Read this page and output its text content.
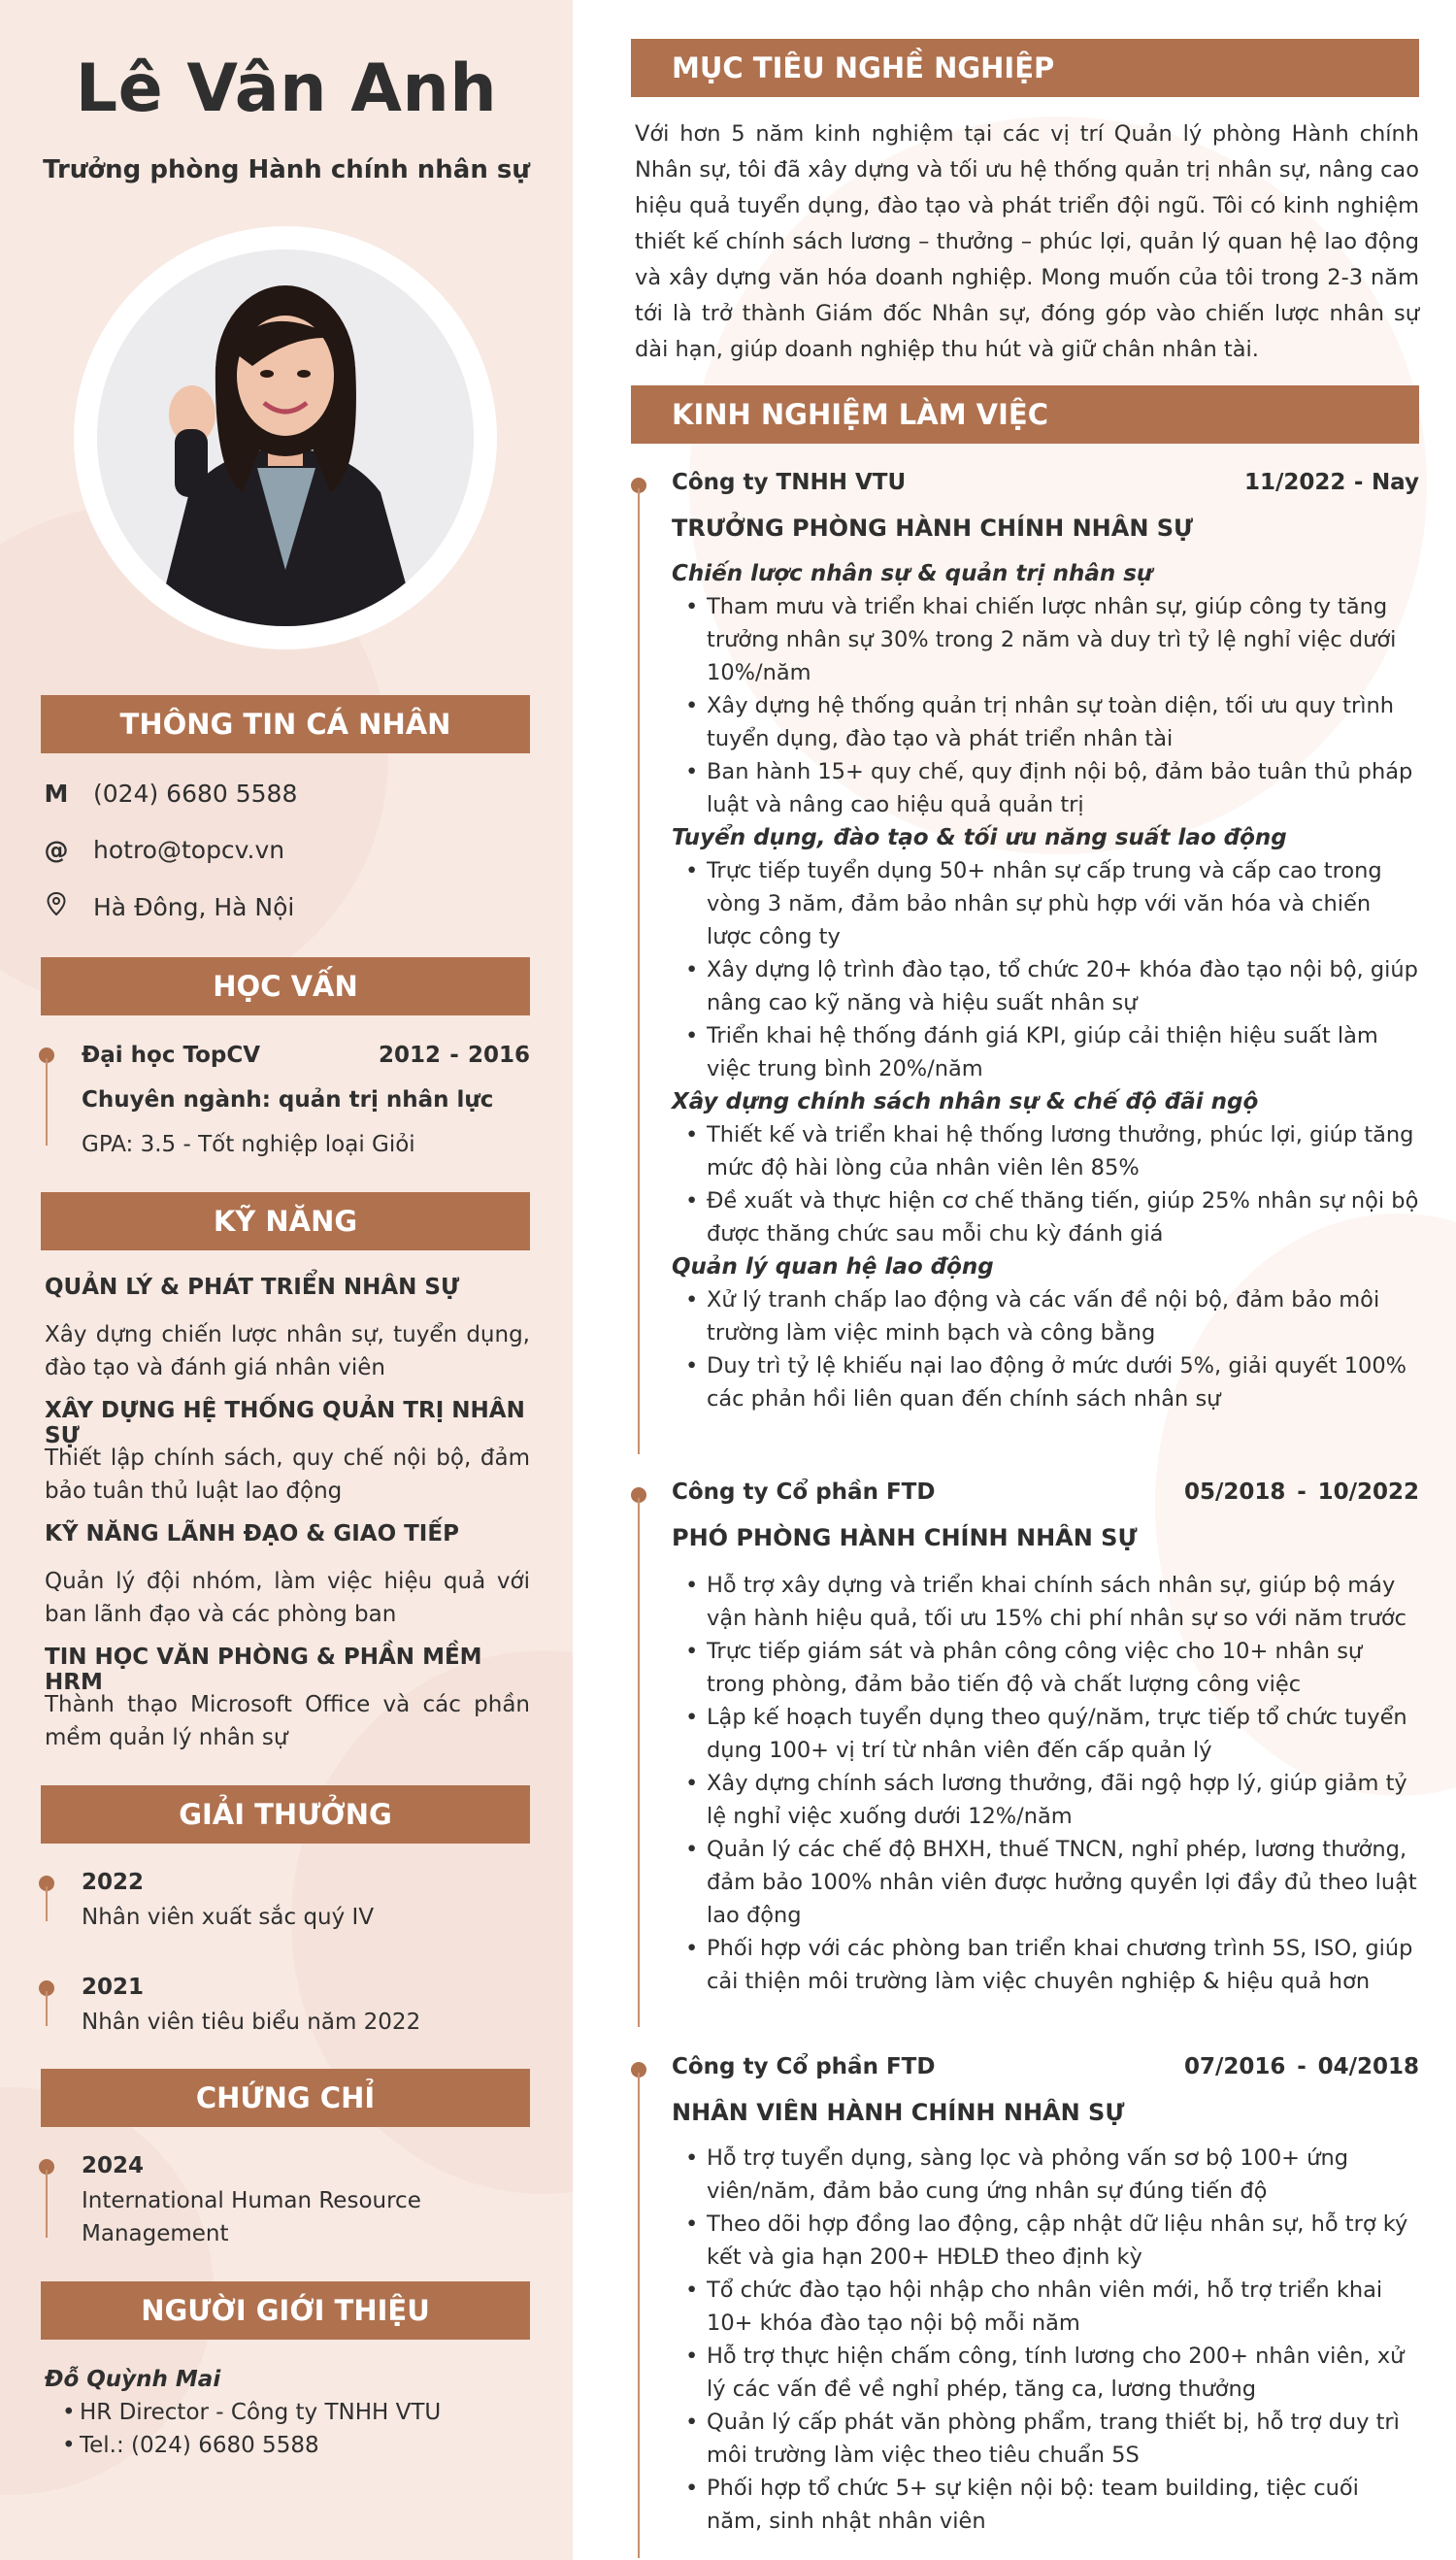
Lê Vân Anh
Trưởng phòng Hành chính nhân sự
THÔNG TIN CÁ NHÂN
M (024) 6680 5588
@ hotro@topcv.vn
Hà Đông, Hà Nội
HỌC VẤN
Đại học TopCV	2012 - 2016
Chuyên ngành: quản trị nhân lực
GPA: 3.5 - Tốt nghiệp loại Giỏi
KỸ NĂNG
QUẢN LÝ & PHÁT TRIỂN NHÂN SỰ
Xây dựng chiến lược nhân sự, tuyển dụng, đào tạo và đánh giá nhân viên
XÂY DỰNG HỆ THỐNG QUẢN TRỊ NHÂN SỰ
Thiết lập chính sách, quy chế nội bộ, đảm bảo tuân thủ luật lao động
KỸ NĂNG LÃNH ĐẠO & GIAO TIẾP
Quản lý đội nhóm, làm việc hiệu quả với ban lãnh đạo và các phòng ban
TIN HỌC VĂN PHÒNG & PHẦN MỀM HRM
Thành thạo Microsoft Office và các phần mềm quản lý nhân sự
GIẢI THƯỞNG
2022
Nhân viên xuất sắc quý IV
2021
Nhân viên tiêu biểu năm 2022
CHỨNG CHỈ
2024
International Human Resource
Management
NGƯỜI GIỚI THIỆU
Đỗ Quỳnh Mai
• HR Director - Công ty TNHH VTU
• Tel.: (024) 6680 5588
MỤC TIÊU NGHỀ NGHIỆP
Với hơn 5 năm kinh nghiệm tại các vị trí Quản lý phòng Hành chính Nhân sự, tôi đã xây dựng và tối ưu hệ thống quản trị nhân sự, nâng cao hiệu quả tuyển dụng, đào tạo và phát triển đội ngũ. Tôi có kinh nghiệm thiết kế chính sách lương – thưởng – phúc lợi, quản lý quan hệ lao động và xây dựng văn hóa doanh nghiệp. Mong muốn của tôi trong 2-3 năm tới là trở thành Giám đốc Nhân sự, đóng góp vào chiến lược nhân sự dài hạn, giúp doanh nghiệp thu hút và giữ chân nhân tài.
KINH NGHIỆM LÀM VIỆC
Công ty TNHH VTU	11/2022 - Nay
TRƯỞNG PHÒNG HÀNH CHÍNH NHÂN SỰ
Chiến lược nhân sự & quản trị nhân sự
• Tham mưu và triển khai chiến lược nhân sự, giúp công ty tăng trưởng nhân sự 30% trong 2 năm và duy trì tỷ lệ nghỉ việc dưới 10%/năm
• Xây dựng hệ thống quản trị nhân sự toàn diện, tối ưu quy trình tuyển dụng, đào tạo và phát triển nhân tài
• Ban hành 15+ quy chế, quy định nội bộ, đảm bảo tuân thủ pháp luật và nâng cao hiệu quả quản trị
Tuyển dụng, đào tạo & tối ưu năng suất lao động
• Trực tiếp tuyển dụng 50+ nhân sự cấp trung và cấp cao trong vòng 3 năm, đảm bảo nhân sự phù hợp với văn hóa và chiến lược công ty
• Xây dựng lộ trình đào tạo, tổ chức 20+ khóa đào tạo nội bộ, giúp nâng cao kỹ năng và hiệu suất nhân sự
• Triển khai hệ thống đánh giá KPI, giúp cải thiện hiệu suất làm việc trung bình 20%/năm
Xây dựng chính sách nhân sự & chế độ đãi ngộ
• Thiết kế và triển khai hệ thống lương thưởng, phúc lợi, giúp tăng mức độ hài lòng của nhân viên lên 85%
• Đề xuất và thực hiện cơ chế thăng tiến, giúp 25% nhân sự nội bộ được thăng chức sau mỗi chu kỳ đánh giá
Quản lý quan hệ lao động
• Xử lý tranh chấp lao động và các vấn đề nội bộ, đảm bảo môi trường làm việc minh bạch và công bằng
• Duy trì tỷ lệ khiếu nại lao động ở mức dưới 5%, giải quyết 100% các phản hồi liên quan đến chính sách nhân sự
Công ty Cổ phần FTD	05/2018 - 10/2022
PHÓ PHÒNG HÀNH CHÍNH NHÂN SỰ
• Hỗ trợ xây dựng và triển khai chính sách nhân sự, giúp bộ máy vận hành hiệu quả, tối ưu 15% chi phí nhân sự so với năm trước
• Trực tiếp giám sát và phân công công việc cho 10+ nhân sự trong phòng, đảm bảo tiến độ và chất lượng công việc
• Lập kế hoạch tuyển dụng theo quý/năm, trực tiếp tổ chức tuyển dụng 100+ vị trí từ nhân viên đến cấp quản lý
• Xây dựng chính sách lương thưởng, đãi ngộ hợp lý, giúp giảm tỷ lệ nghỉ việc xuống dưới 12%/năm
• Quản lý các chế độ BHXH, thuế TNCN, nghỉ phép, lương thưởng, đảm bảo 100% nhân viên được hưởng quyền lợi đầy đủ theo luật lao động
• Phối hợp với các phòng ban triển khai chương trình 5S, ISO, giúp cải thiện môi trường làm việc chuyên nghiệp & hiệu quả hơn
Công ty Cổ phần FTD	07/2016 - 04/2018
NHÂN VIÊN HÀNH CHÍNH NHÂN SỰ
• Hỗ trợ tuyển dụng, sàng lọc và phỏng vấn sơ bộ 100+ ứng viên/năm, đảm bảo cung ứng nhân sự đúng tiến độ
• Theo dõi hợp đồng lao động, cập nhật dữ liệu nhân sự, hỗ trợ ký kết và gia hạn 200+ HĐLĐ theo định kỳ
• Tổ chức đào tạo hội nhập cho nhân viên mới, hỗ trợ triển khai 10+ khóa đào tạo nội bộ mỗi năm
• Hỗ trợ thực hiện chấm công, tính lương cho 200+ nhân viên, xử lý các vấn đề về nghỉ phép, tăng ca, lương thưởng
• Quản lý cấp phát văn phòng phẩm, trang thiết bị, hỗ trợ duy trì môi trường làm việc theo tiêu chuẩn 5S
• Phối hợp tổ chức 5+ sự kiện nội bộ: team building, tiệc cuối năm, sinh nhật nhân viên
